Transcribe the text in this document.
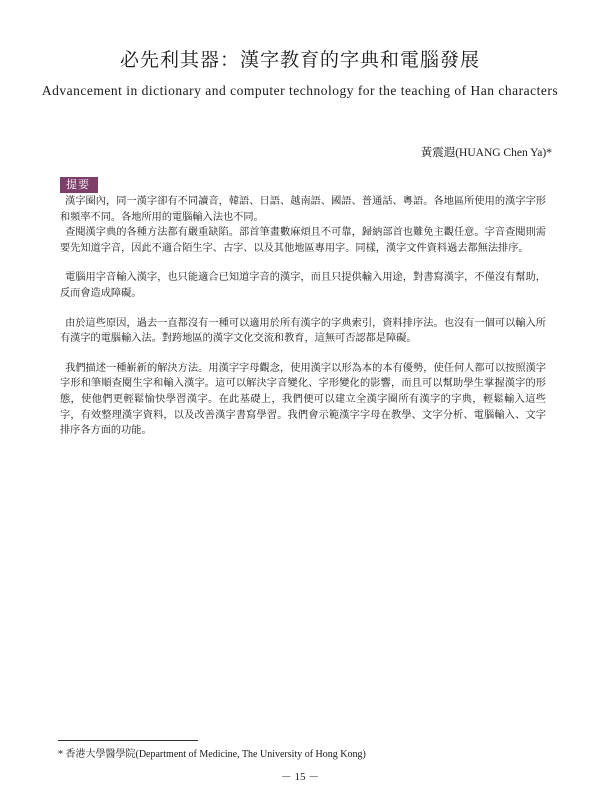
必先利其器：漢字教育的字典和電腦發展
Advancement in dictionary and computer technology for the teaching of Han characters
黃震遐(HUANG Chen Ya)*
提要

漢字圈內，同一漢字卻有不同讀音，韓語、日語、越南語、國語、普通話、粵語。各地區所使用的漢字字形和頻率不同。各地所用的電腦輸入法也不同。

查閱漢字典的各種方法都有嚴重缺陷。部首筆畫數麻煩且不可靠，歸納部首也難免主觀任意。字音查閱則需要先知道字音，因此不適合陌生字、古字、以及其他地區專用字。同樣，漢字文件資料過去都無法排序。

電腦用字音輸入漢字，也只能適合已知道字音的漢字，而且只提供輸入用途，對書寫漢字，不僅沒有幫助，反而會造成障礙。

由於這些原因，過去一直都沒有一種可以適用於所有漢字的字典索引，資料排序法。也沒有一個可以輸入所有漢字的電腦輸入法。對跨地區的漢字文化交流和教育，這無可否認都是障礙。

我們描述一種嶄新的解決方法。用漢字字母觀念，使用漢字以形為本的本有優勢，使任何人都可以按照漢字字形和筆順查閱生字和輸入漢字。這可以解決字音變化、字形變化的影響，而且可以幫助學生掌握漢字的形態，使他們更輕鬆愉快學習漢字。在此基礎上，我們便可以建立全漢字圈所有漢字的字典，輕鬆輸入這些字，有效整理漢字資料，以及改善漢字書寫學習。我們會示範漢字字母在教學、文字分析、電腦輸入、文字排序各方面的功能。

* 香港大學醫學院(Department of Medicine, The University of Hong Kong)
－ 15 －
